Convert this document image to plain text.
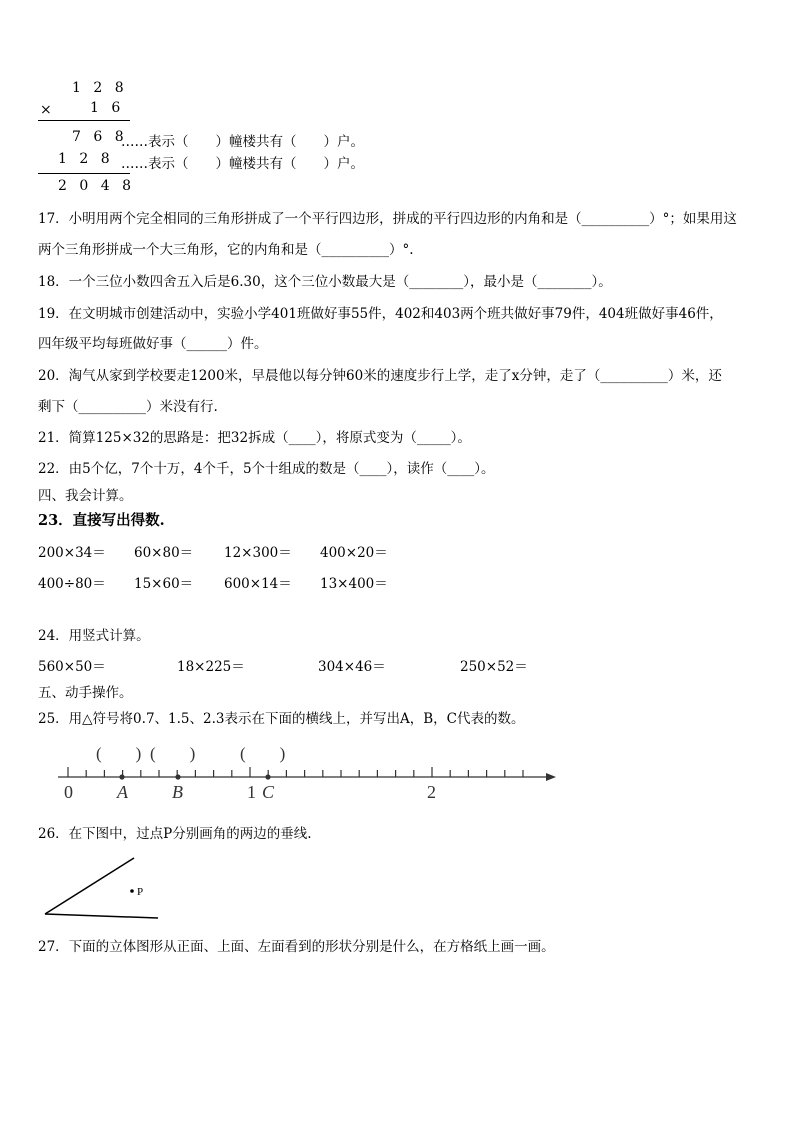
1 2 8
× 1 6
7 6 8
……表示（　　）幢楼共有（　　）户。
1 2 8 ……表示（　　）幢楼共有（　　）户。
2 0 4 8
17．小明用两个完全相同的三角形拼成了一个平行四边形，拼成的平行四边形的内角和是（__________）°；如果用这
两个三角形拼成一个大三角形，它的内角和是（__________）°.
18．一个三位小数四舍五入后是6.30，这个三位小数最大是（________），最小是（________）。
19．在文明城市创建活动中，实验小学401班做好事55件，402和403两个班共做好事79件，404班做好事46件，
四年级平均每班做好事（______）件。
20．淘气从家到学校要走1200米，早晨他以每分钟60米的速度步行上学，走了x分钟，走了（__________）米，还
剩下（__________）米没有行.
21．简算125×32的思路是：把32拆成（____），将原式变为（_____）。
22．由5个亿，7个十万，4个千，5个十组成的数是（____），读作（____）。
四、我会计算。
23．直接写出得数.
200×34＝ 60×80＝ 12×300＝ 400×20＝
400÷80＝ 15×60＝ 600×14＝ 13×400＝
24．用竖式计算。
560×50＝	18×225＝	304×46＝	250×52＝
五、动手操作。
25．用△符号将0.7、1.5、2.3表示在下面的横线上，并写出A，B，C代表的数。
(　　) (　　)	(　　)
0 A B	1 C	2
26．在下图中，过点P分别画角的两边的垂线.
P
27．下面的立体图形从正面、上面、左面看到的形状分别是什么，在方格纸上画一画。
